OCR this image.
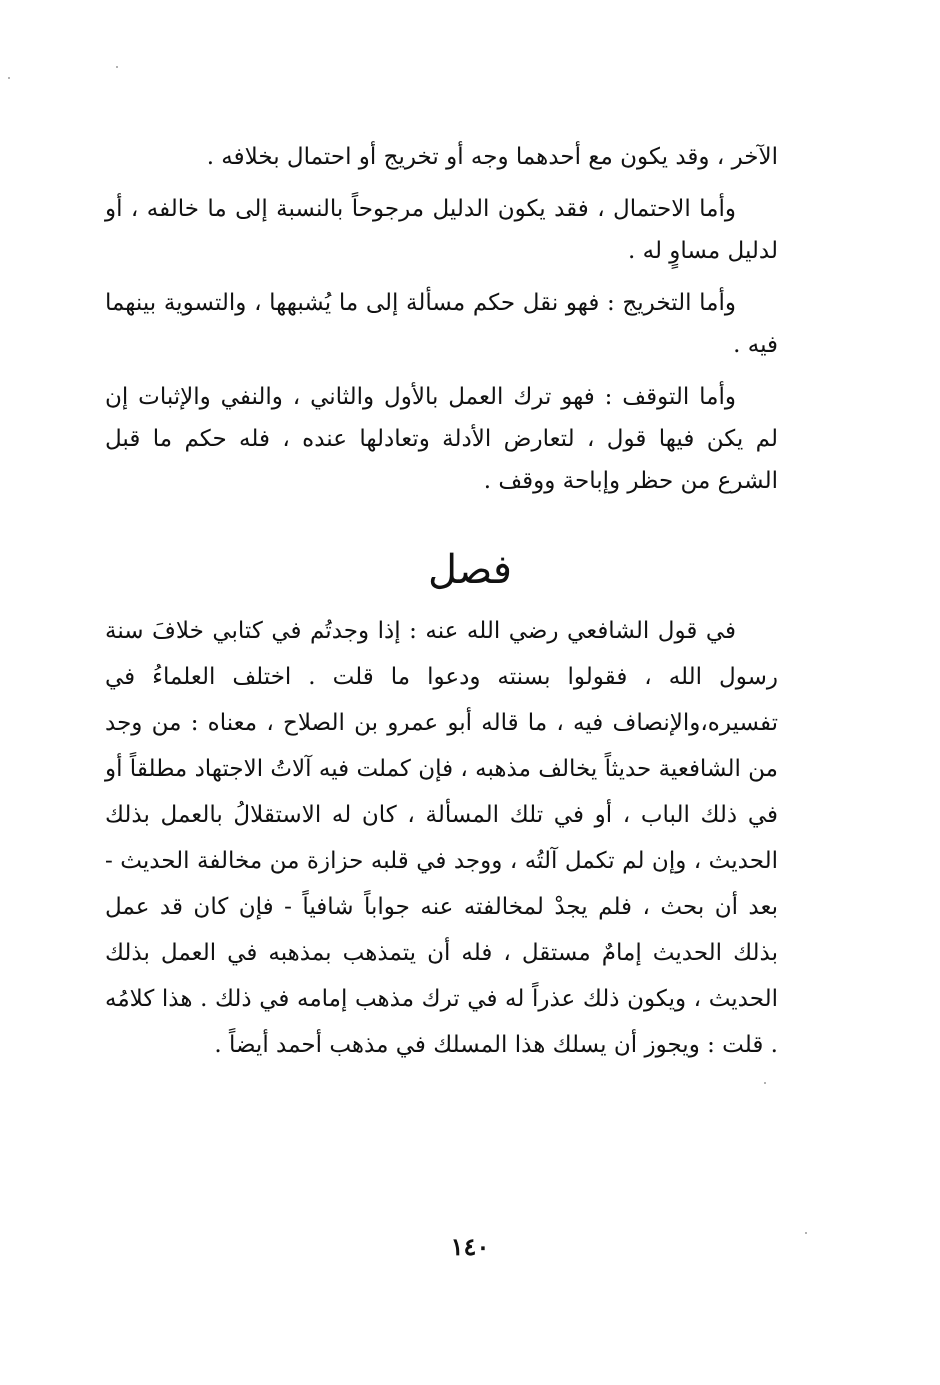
الآخر ، وقد يكون مع أحدهما وجه أو تخريج أو احتمال بخلافه .

وأما الاحتمال ، فقد يكون الدليل مرجوحاً بالنسبة إلى ما خالفه ، أو لدليل مساوٍ له .

وأما التخريج : فهو نقل حكم مسألة إلى ما يُشبهها ، والتسوية بينهما فيه .

وأما التوقف : فهو ترك العمل بالأول والثاني ، والنفي والإثبات إن لم يكن فيها قول ، لتعارض الأدلة وتعادلها عنده ، فله حكم ما قبل الشرع من حظر وإباحة ووقف .

فصل

في قول الشافعي رضي الله عنه : إذا وجدتُم في كتابي خلافَ سنة رسول الله ، فقولوا بسنته ودعوا ما قلت . اختلف العلماءُ في تفسيره،والإنصاف فيه ، ما قاله أبو عمرو بن الصلاح ، معناه : من وجد من الشافعية حديثاً يخالف مذهبه ، فإن كملت فيه آلاتُ الاجتهاد مطلقاً أو في ذلك الباب ، أو في تلك المسألة ، كان له الاستقلالُ بالعمل بذلك الحديث ، وإن لم تكمل آلتُه ، ووجد في قلبه حزازة من مخالفة الحديث - بعد أن بحث ، فلم يجدْ لمخالفته عنه جواباً شافياً - فإن كان قد عمل بذلك الحديث إمامٌ مستقل ، فله أن يتمذهب بمذهبه في العمل بذلك الحديث ، ويكون ذلك عذراً له في ترك مذهب إمامه في ذلك . هذا كلامُه . قلت : ويجوز أن يسلك هذا المسلك في مذهب أحمد أيضاً .

١٤٠
